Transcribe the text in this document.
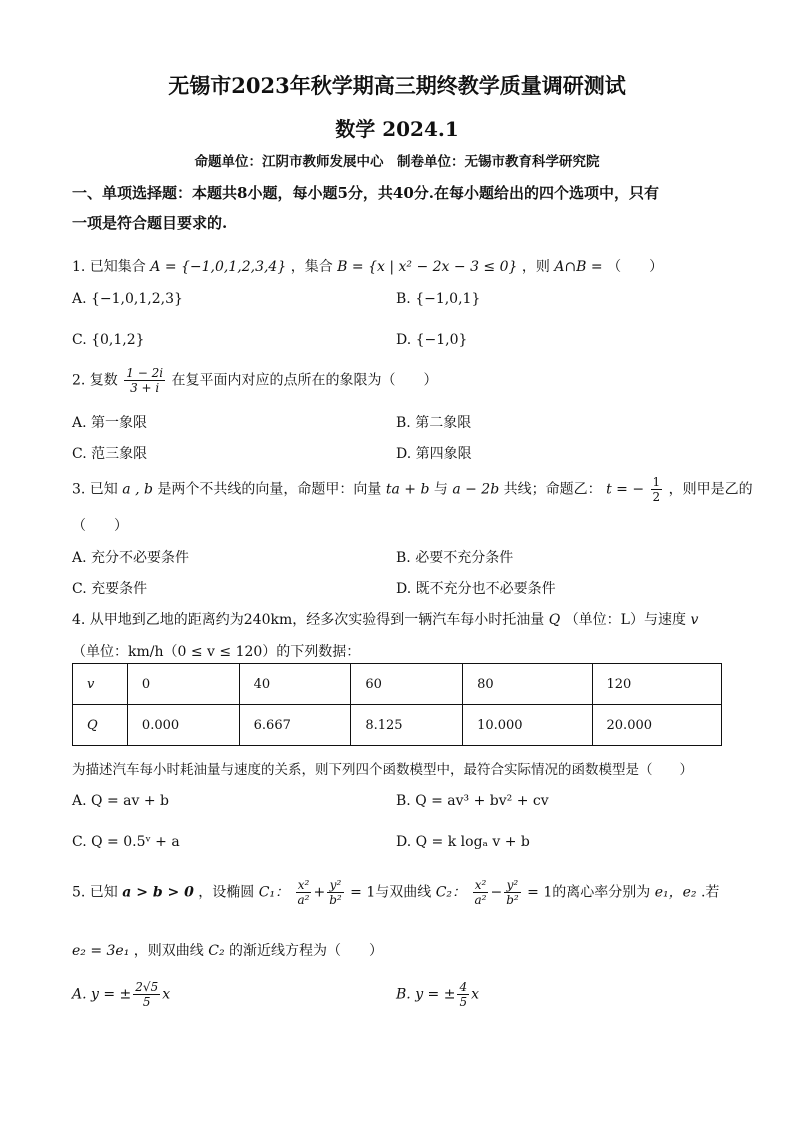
无锡市2023年秋学期高三期终教学质量调研测试
数学 2024.1
命题单位：江阴市教师发展中心　制卷单位：无锡市教育科学研究院
一、单项选择题：本题共8小题，每小题5分，共40分.在每小题给出的四个选项中，只有
一项是符合题目要求的.
1. 已知集合 A = {−1,0,1,2,3,4} ，集合 B = {x | x² − 2x − 3 ≤ 0} ，则 A∩B = （　　）
A. {−1,0,1,2,3}	B. {−1,0,1}
C. {0,1,2}	D. {−1,0}
2. 复数 $\frac{1 - 2i}{3 + i}$ 在复平面内对应的点所在的象限为（　　）
A. 第一象限	B. 第二象限
C. 范三象限	D. 第四象限
3. 已知 a , b 是两个不共线的向量，命题甲：向量 ta + b 与 a − 2b 共线；命题乙： t = − $\frac{1}{2}$ ，则甲是乙的
（　　）
A. 充分不必要条件	B. 必要不充分条件
C. 充要条件	D. 既不充分也不必要条件
4. 从甲地到乙地的距离约为240km，经多次实验得到一辆汽车每小时托油量 Q （单位：L）与速度 v
（单位：km/h（0 ≤ v ≤ 120）的下列数据：
v	0	40	60	80	120
Q	0.000	6.667	8.125	10.000	20.000
为描述汽车每小时耗油量与速度的关系，则下列四个函数模型中，最符合实际情况的函数模型是（　　）
A. Q = av + b	B. Q = av³ + bv² + cv
C. Q = 0.5ᵛ + a	D. Q = k logₐ v + b
5. 已知 a > b > 0 ，设椭圆 C₁： $\frac{\text{x²}}{\text{a²}} + \frac{\text{y²}}{\text{b²}} = 1$与双曲线 C₂： $\frac{\text{x²}}{\text{a²}} - \frac{\text{y²}}{\text{b²}} = 1$的离心率分别为 e₁，e₂ .若
e₂ = 3e₁ ，则双曲线 C₂ 的渐近线方程为（　　）
A. y = ± $\frac{2√5}{5}$ x	B. y = ± $\frac{4}{5}$ x
